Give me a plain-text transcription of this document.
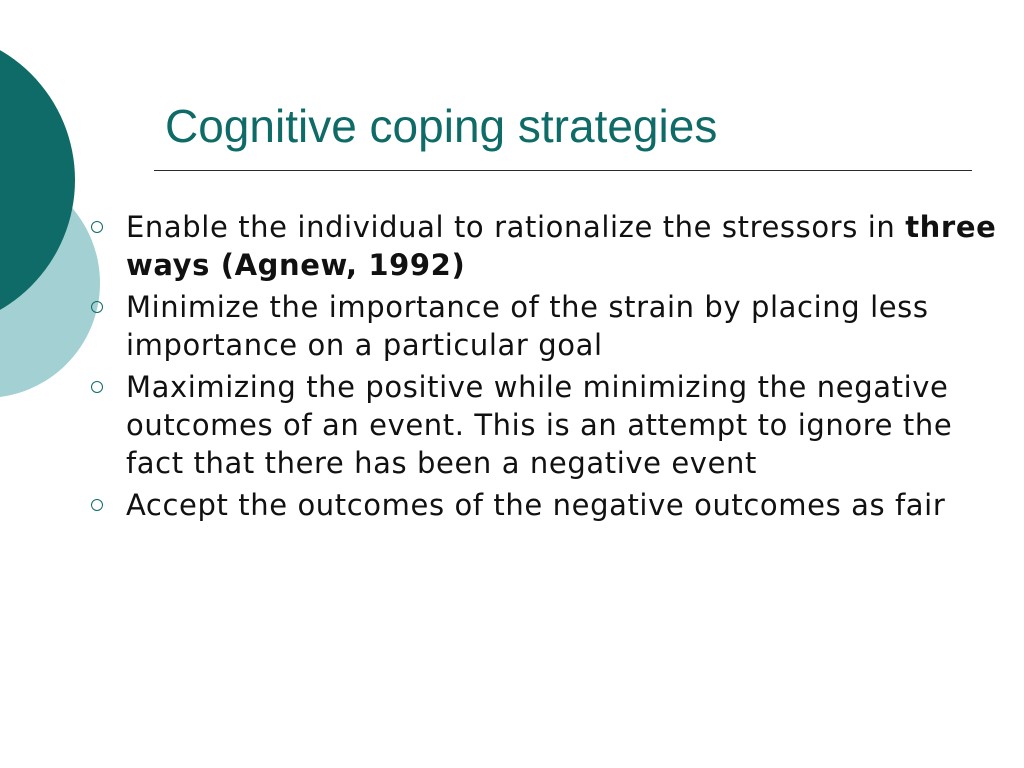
Cognitive coping strategies
Enable the individual to rationalize the stressors in three ways (Agnew, 1992)
Minimize the importance of the strain by placing less importance on a particular goal
Maximizing the positive while minimizing the negative outcomes of an event. This is an attempt to ignore the fact that there has been a negative event
Accept the outcomes of the negative outcomes as fair
